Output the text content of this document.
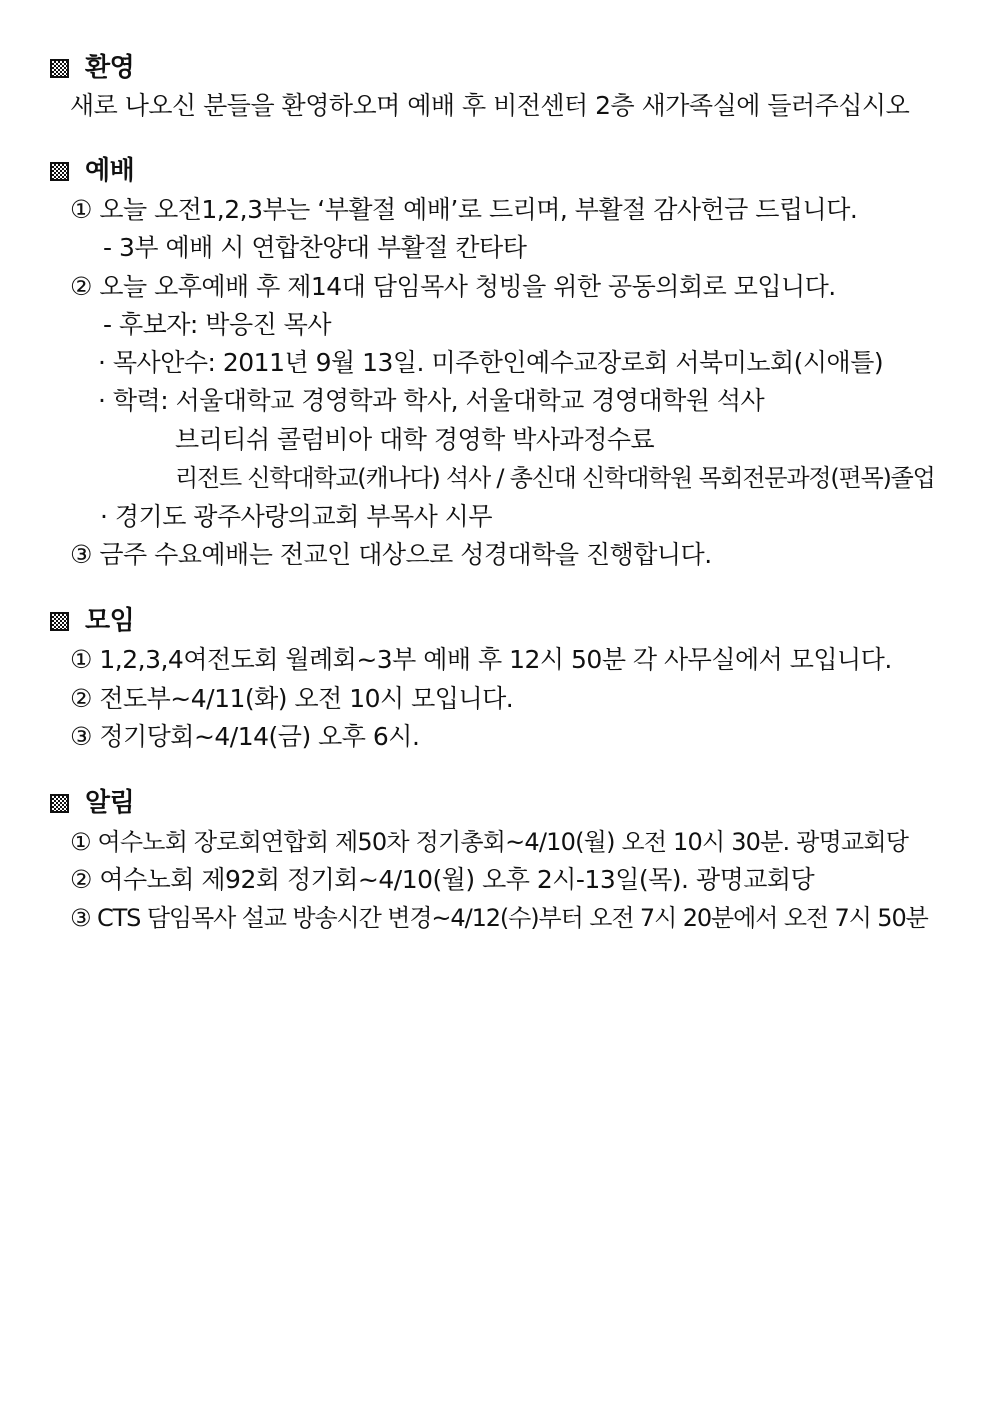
환영
새로 나오신 분들을 환영하오며 예배 후 비전센터 2층 새가족실에 들러주십시오
예배
① 오늘 오전1,2,3부는 ‘부활절 예배’로 드리며, 부활절 감사헌금 드립니다.
- 3부 예배 시 연합찬양대 부활절 칸타타
② 오늘 오후예배 후 제14대 담임목사 청빙을 위한 공동의회로 모입니다.
- 후보자: 박응진 목사
· 목사안수: 2011년 9월 13일. 미주한인예수교장로회 서북미노회(시애틀)
· 학력: 서울대학교 경영학과 학사, 서울대학교 경영대학원 석사
브리티쉬 콜럼비아 대학 경영학 박사과정수료
리전트 신학대학교(캐나다) 석사 / 총신대 신학대학원 목회전문과정(편목)졸업
· 경기도 광주사랑의교회 부목사 시무
③ 금주 수요예배는 전교인 대상으로 성경대학을 진행합니다.
모임
① 1,2,3,4여전도회 월례회~3부 예배 후 12시 50분 각 사무실에서 모입니다.
② 전도부~4/11(화) 오전 10시 모입니다.
③ 정기당회~4/14(금) 오후 6시.
알림
① 여수노회 장로회연합회 제50차 정기총회~4/10(월) 오전 10시 30분. 광명교회당
② 여수노회 제92회 정기회~4/10(월) 오후 2시-13일(목). 광명교회당
③ CTS 담임목사 설교 방송시간 변경~4/12(수)부터 오전 7시 20분에서 오전 7시 50분
